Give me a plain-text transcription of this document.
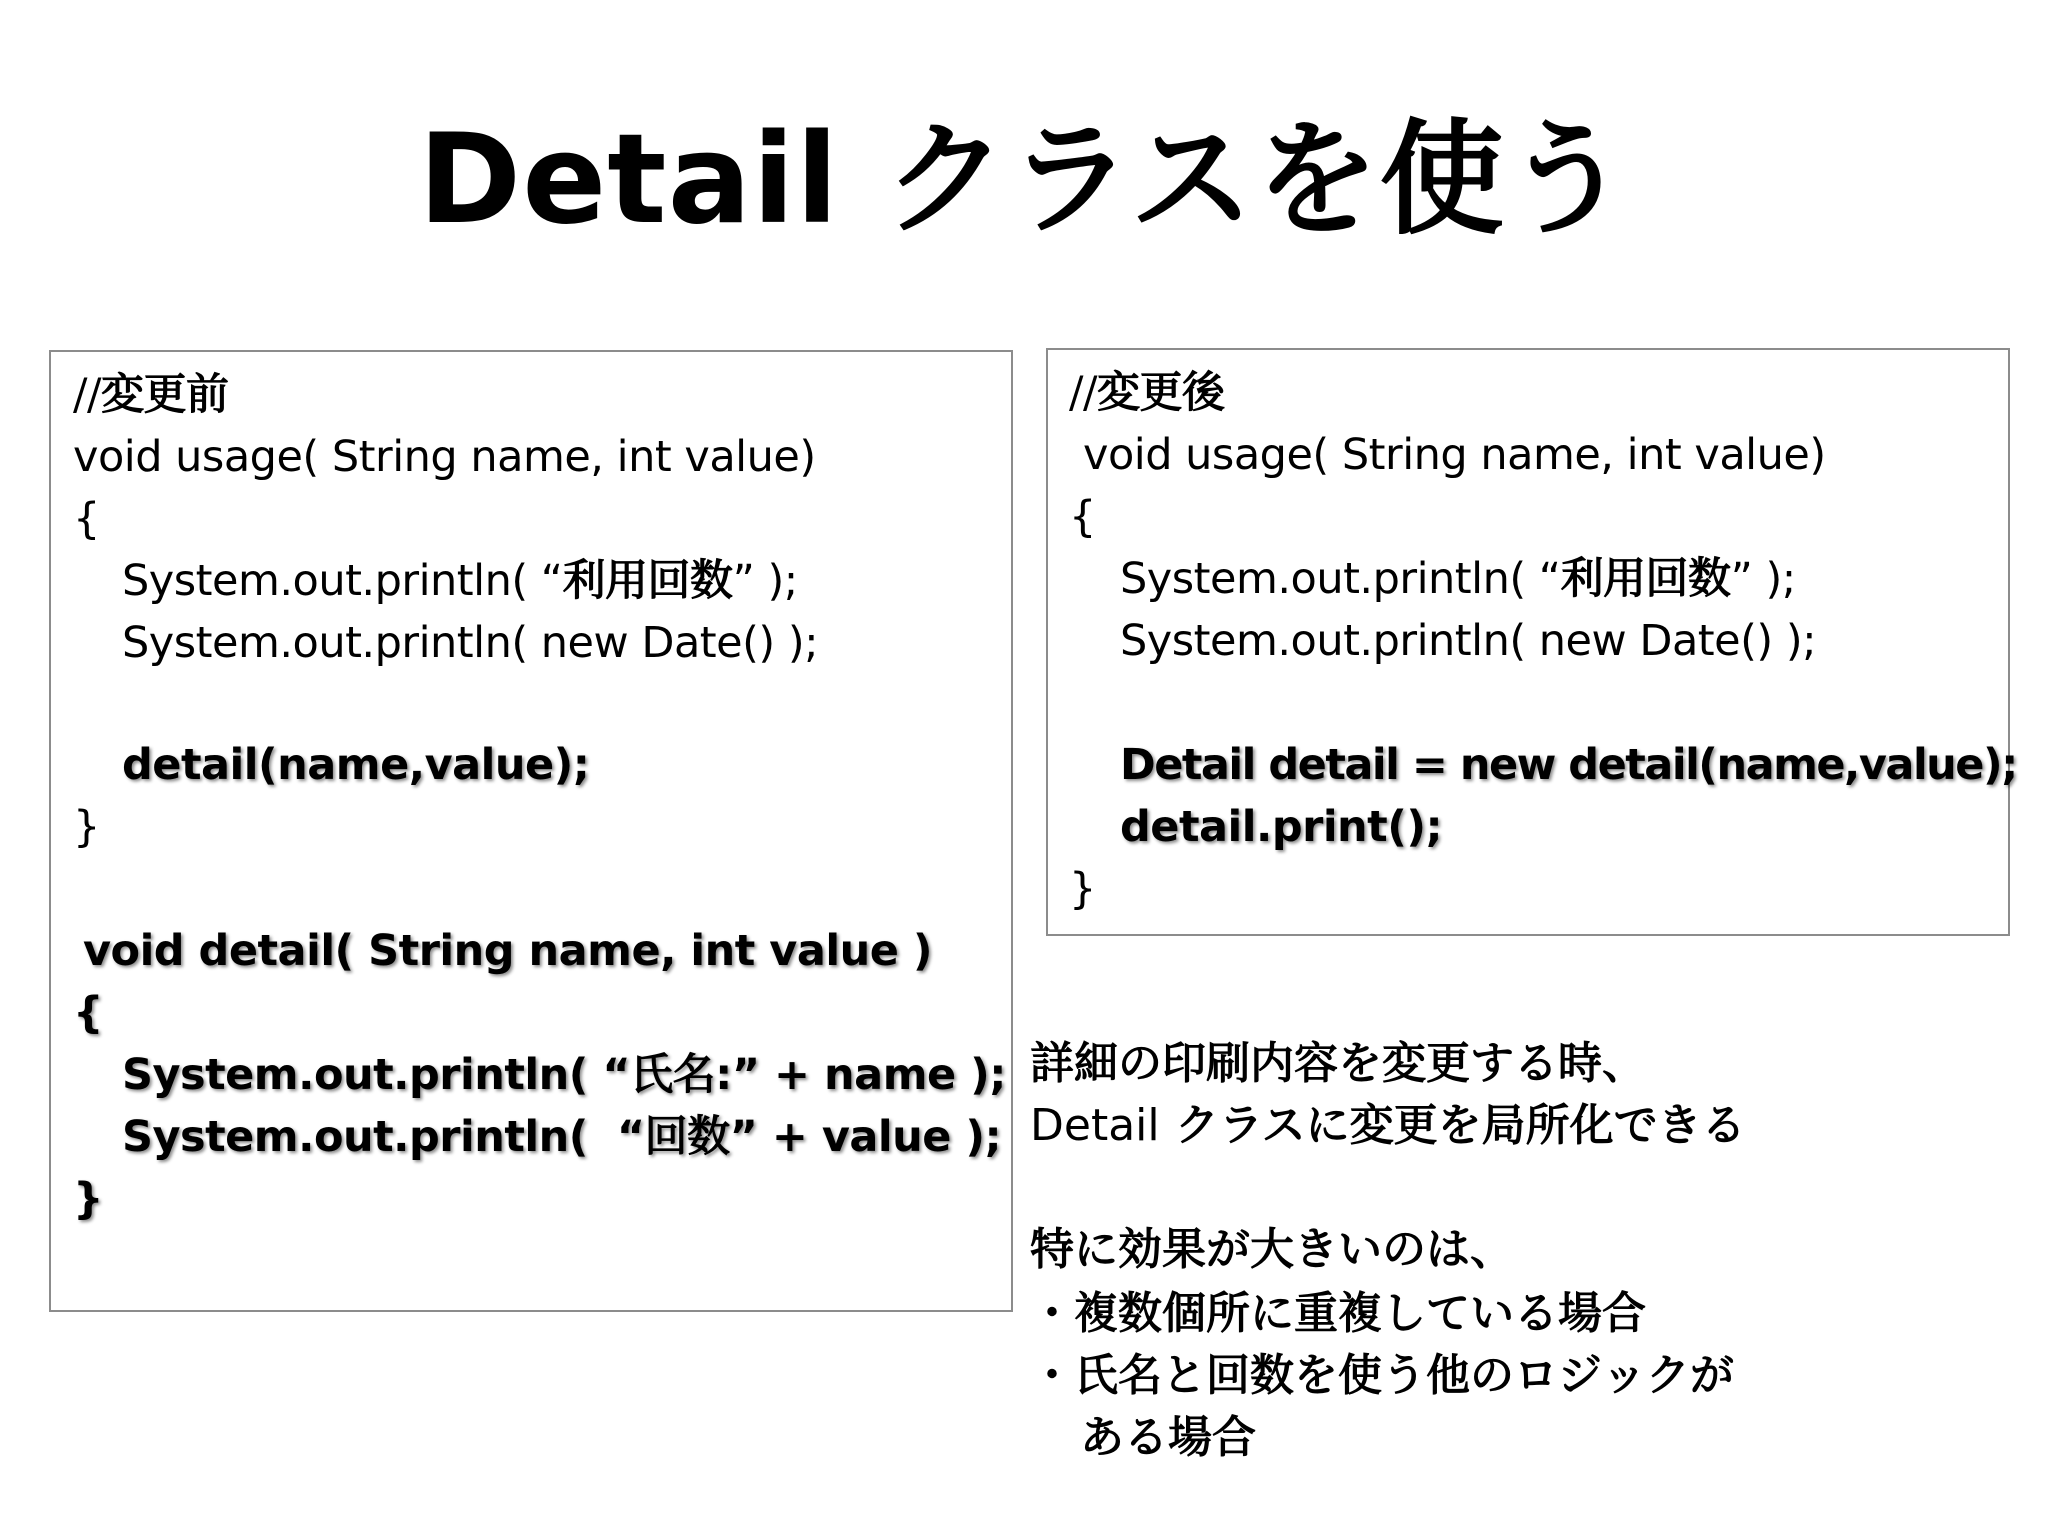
Detail クラスを使う
//変更前
void usage( String name, int value)
{
System.out.println( “利用回数” );
System.out.println( new Date() );
detail(name,value);
}
void detail( String name, int value )
{
System.out.println( “氏名:” + name );
System.out.println(  “回数” + value );
}
//変更後
void usage( String name, int value)
{
System.out.println( “利用回数” );
System.out.println( new Date() );
Detail detail = new detail(name,value);
detail.print();
}
詳細の印刷内容を変更する時、
Detail クラスに変更を局所化できる
特に効果が大きいのは、
・複数個所に重複している場合
・氏名と回数を使う他のロジックが
ある場合
